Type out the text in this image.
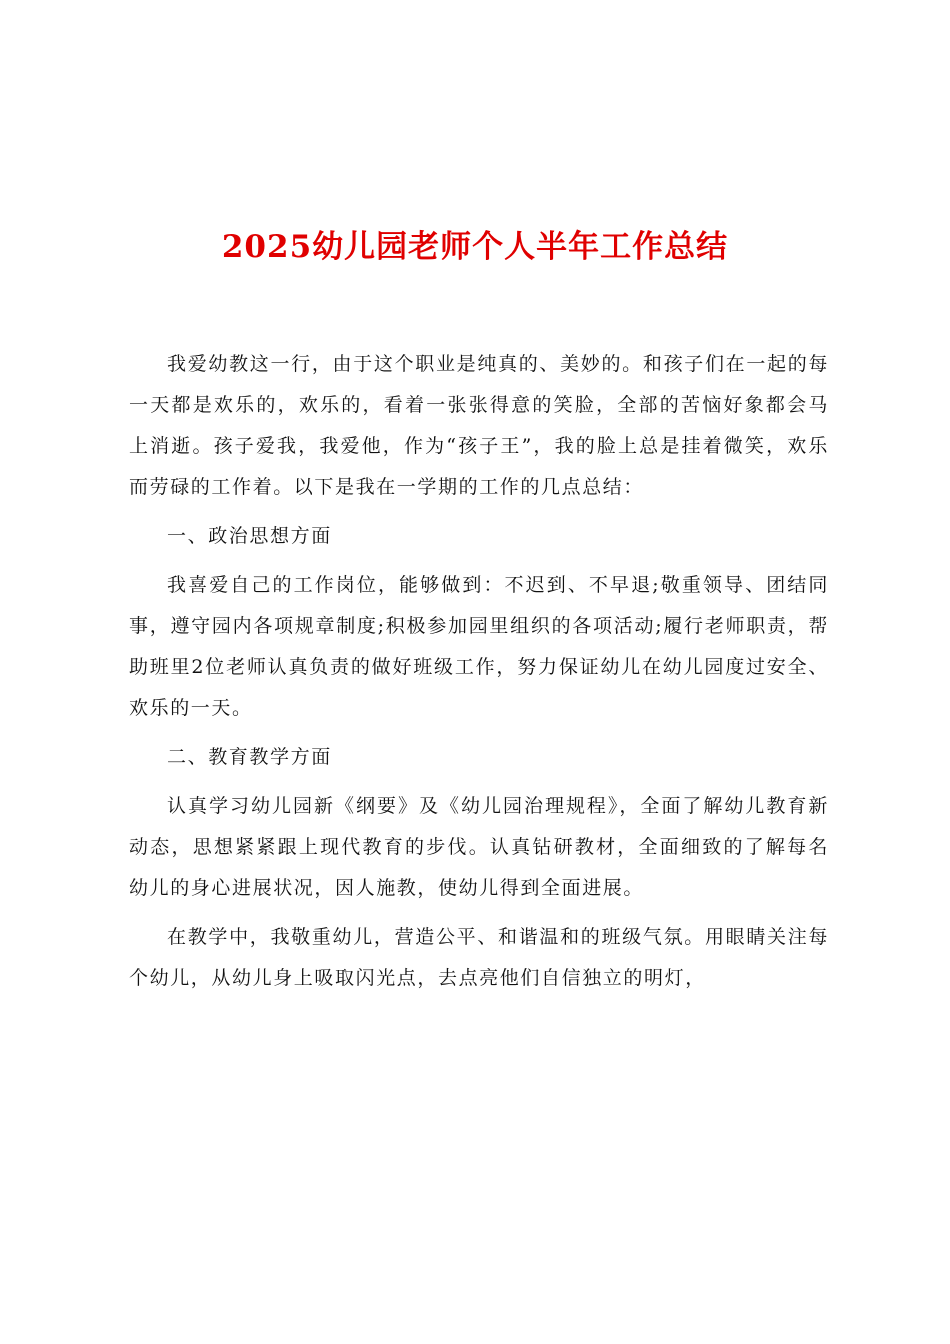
2025幼儿园老师个人半年工作总结

我爱幼教这一行，由于这个职业是纯真的、美妙的。和孩子们在一起的每一天都是欢乐的，欢乐的，看着一张张得意的笑脸，全部的苦恼好象都会马上消逝。孩子爱我，我爱他，作为“孩子王”，我的脸上总是挂着微笑，欢乐而劳碌的工作着。以下是我在一学期的工作的几点总结：

一、政治思想方面

我喜爱自己的工作岗位，能够做到：不迟到、不早退;敬重领导、团结同事，遵守园内各项规章制度;积极参加园里组织的各项活动;履行老师职责，帮助班里2位老师认真负责的做好班级工作，努力保证幼儿在幼儿园度过安全、欢乐的一天。

二、教育教学方面

认真学习幼儿园新《纲要》及《幼儿园治理规程》，全面了解幼儿教育新动态，思想紧紧跟上现代教育的步伐。认真钻研教材，全面细致的了解每名幼儿的身心进展状况，因人施教，使幼儿得到全面进展。

在教学中，我敬重幼儿，营造公平、和谐温和的班级气氛。用眼睛关注每个幼儿，从幼儿身上吸取闪光点，去点亮他们自信独立的明灯，
